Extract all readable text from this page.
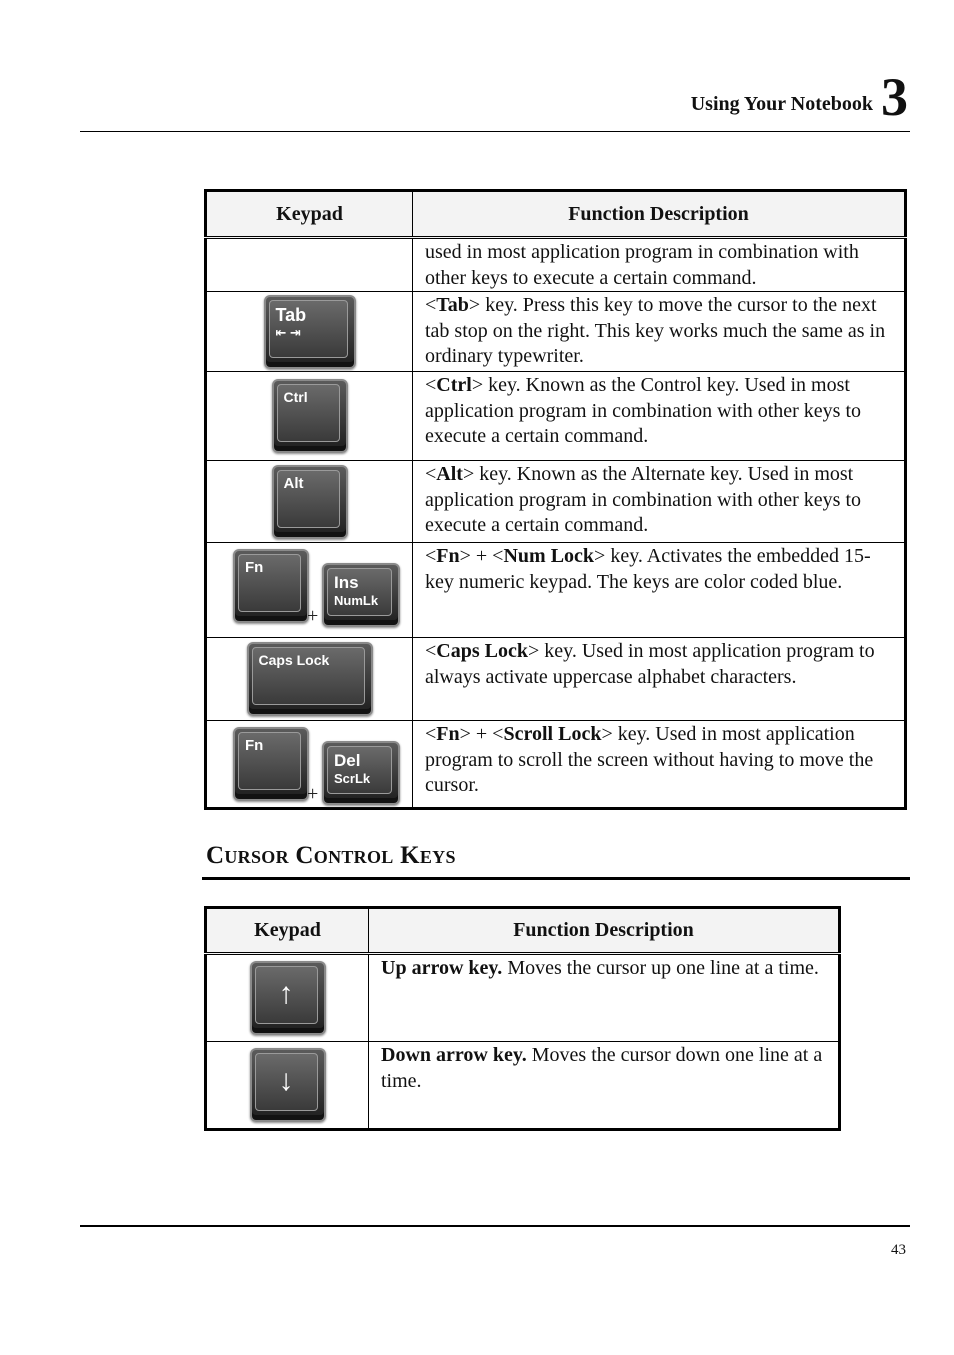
Using Your Notebook 3
Keypad	Function Description
	used in most application program in combination with other keys to execute a certain command.

Tab
⇤ ⇥	<Tab> key. Press this key to move the cursor to the next tab stop on the right. This key works much the same as in ordinary typewriter.

Ctrl	<Ctrl> key. Known as the Control key. Used in most application program in combination with other keys to execute a certain command.

Alt	<Alt> key. Known as the Alternate key. Used in most application program in combination with other keys to execute a certain command.

Fn
+
Ins
NumLk	<Fn> + <Num Lock> key. Activates the embedded 15-key numeric keypad. The keys are color coded blue.

Caps Lock	<Caps Lock> key. Used in most application program to always activate uppercase alphabet characters.

Fn
+
Del
ScrLk	<Fn> + <Scroll Lock> key. Used in most application program to scroll the screen without having to move the cursor.
Cursor Control Keys
Keypad	Function Description

↑	Up arrow key. Moves the cursor up one line at a time.

↓	Down arrow key. Moves the cursor down one line at a time.
43
